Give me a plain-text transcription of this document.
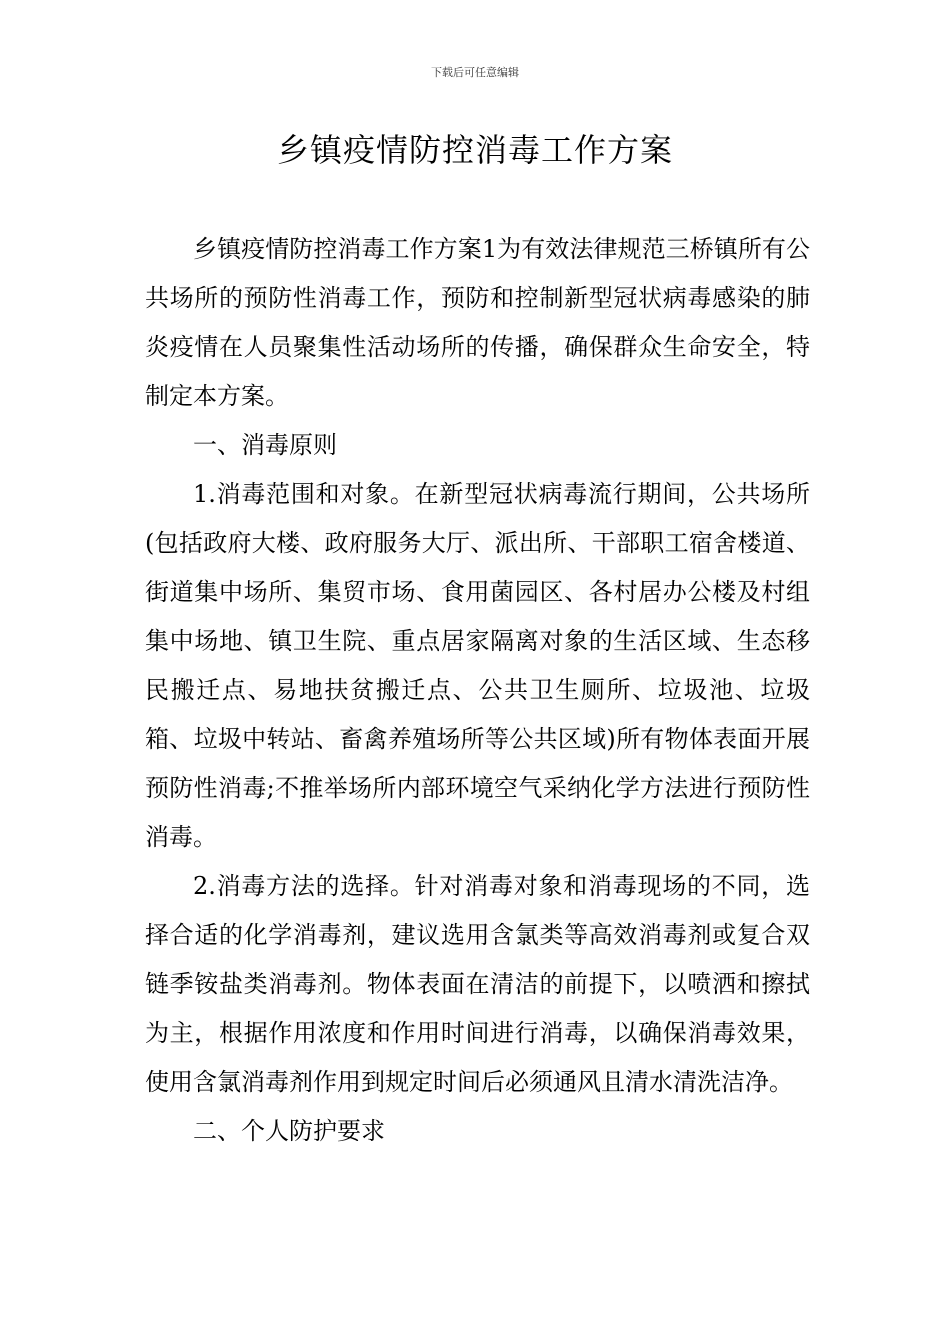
下载后可任意编辑
乡镇疫情防控消毒工作方案

乡镇疫情防控消毒工作方案1为有效法律规范三桥镇所有公共场所的预防性消毒工作，预防和控制新型冠状病毒感染的肺炎疫情在人员聚集性活动场所的传播，确保群众生命安全，特制定本方案。

一、消毒原则

1.消毒范围和对象。在新型冠状病毒流行期间，公共场所(包括政府大楼、政府服务大厅、派出所、干部职工宿舍楼道、街道集中场所、集贸市场、食用菌园区、各村居办公楼及村组集中场地、镇卫生院、重点居家隔离对象的生活区域、生态移民搬迁点、易地扶贫搬迁点、公共卫生厕所、垃圾池、垃圾箱、垃圾中转站、畜禽养殖场所等公共区域)所有物体表面开展预防性消毒;不推举场所内部环境空气采纳化学方法进行预防性消毒。

2.消毒方法的选择。针对消毒对象和消毒现场的不同，选择合适的化学消毒剂，建议选用含氯类等高效消毒剂或复合双链季铵盐类消毒剂。物体表面在清洁的前提下，以喷洒和擦拭为主，根据作用浓度和作用时间进行消毒，以确保消毒效果，使用含氯消毒剂作用到规定时间后必须通风且清水清洗洁净。

二、个人防护要求
